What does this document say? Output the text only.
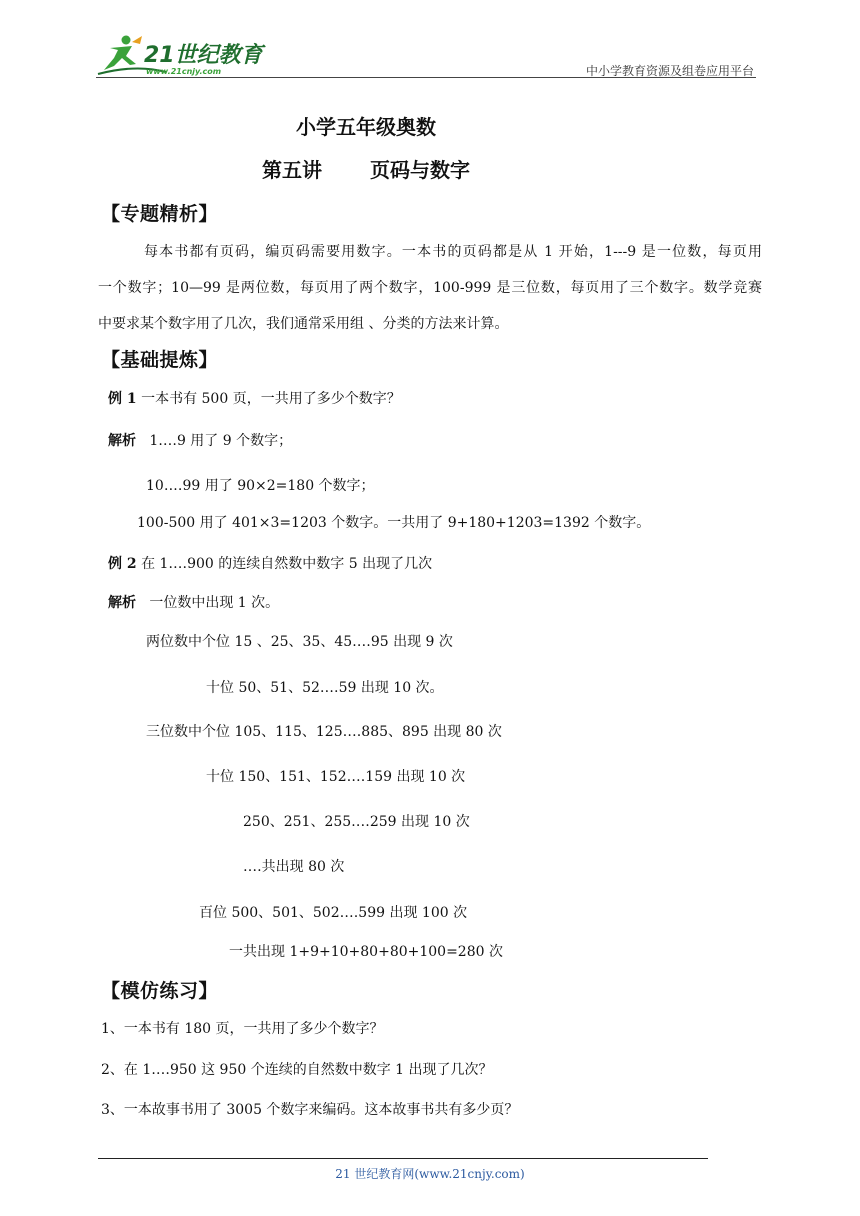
21世纪教育
www.21cnjy.com	中小学教育资源及组卷应用平台
小学五年级奥数
第五讲 页码与数字
【专题精析】
每本书都有页码，编页码需要用数字。一本书的页码都是从 1 开始，1---9 是一位数，每页用
一个数字；10—99 是两位数，每页用了两个数字，100-999 是三位数，每页用了三个数字。数学竞赛
中要求某个数字用了几次，我们通常采用组 、分类的方法来计算。
【基础提炼】
例 1 一本书有 500 页，一共用了多少个数字？
解析 1‥‥9 用了 9 个数字；
10‥‥99 用了 90×2=180 个数字；
100-500 用了 401×3=1203 个数字。一共用了 9+180+1203=1392 个数字。
例 2 在 1‥‥900 的连续自然数中数字 5 出现了几次
解析 一位数中出现 1 次。
两位数中个位 15 、25、35、45‥‥95 出现 9 次
十位 50、51、52‥‥59 出现 10 次。
三位数中个位 105、115、125‥‥885、895 出现 80 次
十位 150、151、152‥‥159 出现 10 次
250、251、255‥‥259 出现 10 次
‥‥共出现 80 次
百位 500、501、502‥‥599 出现 100 次
一共出现 1+9+10+80+80+100=280 次
【模仿练习】
1、一本书有 180 页，一共用了多少个数字？
2、在 1‥‥950 这 950 个连续的自然数中数字 1 出现了几次？
3、一本故事书用了 3005 个数字来编码。这本故事书共有多少页？
21 世纪教育网(www.21cnjy.com)
